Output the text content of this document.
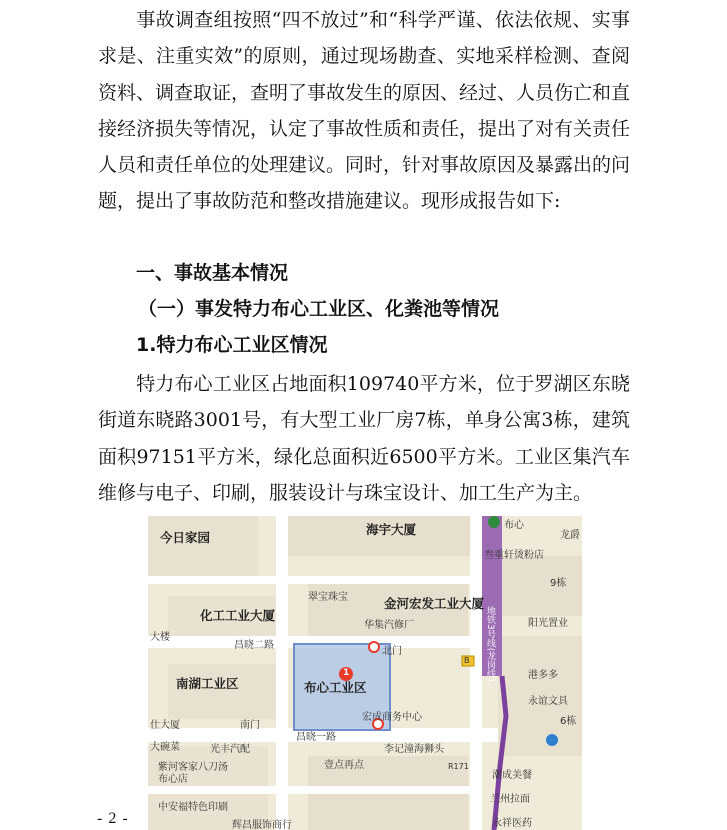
事故调查组按照“四不放过”和“科学严谨、依法依规、实事求是、注重实效”的原则，通过现场勘查、实地采样检测、查阅资料、调查取证，查明了事故发生的原因、经过、人员伤亡和直接经济损失等情况，认定了事故性质和责任，提出了对有关责任人员和责任单位的处理建议。同时，针对事故原因及暴露出的问题，提出了事故防范和整改措施建议。现形成报告如下:
一、事故基本情况
（一）事发特力布心工业区、化粪池等情况
1.特力布心工业区情况
特力布心工业区占地面积109740平方米，位于罗湖区东晓街道东晓路3001号，有大型工业厂房7栋，单身公寓3栋，建筑面积97151平方米，绿化总面积近6500平方米。工业区集汽车维修与电子、印刷，服装设计与珠宝设计、加工生产为主。
海宇大厦	布心
今日家园	龙爵
叁重轩烫粉店
9栋
翠宝珠宝	金河宏发工业大厦
化工工业大厦
阳光置业
大楼
华集汽修厂
昌晓二路
北门
港多多
南湖工业区	布心工业区
永谊文具
仕大厦	南门
宏成商务中心	6栋
昌晓一路
大碗菜	光丰汽配	李记潼海狮头
紫河客家八刀汤布心店
壹点再点
潮成美餐
兰州拉面
中安福特色印刷
辉昌服饰商行	永祥医药
地铁3号线(龙岗线)
1
B
R171
- 2 -
